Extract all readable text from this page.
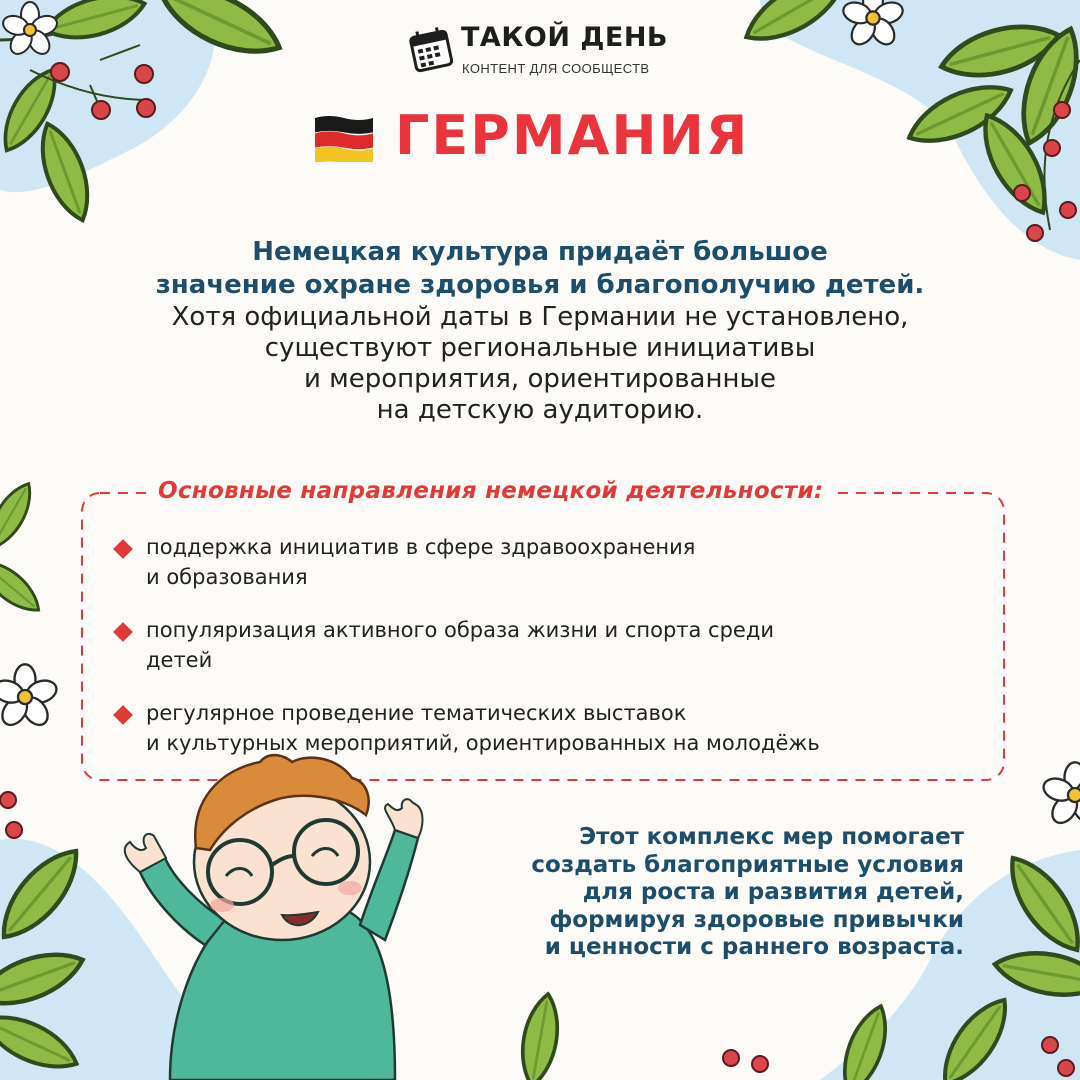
ТАКОЙ ДЕНЬ
КОНТЕНТ ДЛЯ СООБЩЕСТВ
ГЕРМАНИЯ
Немецкая культура придаёт большое
значение охране здоровья и благополучию детей.
Хотя официальной даты в Германии не установлено,
существуют региональные инициативы
и мероприятия, ориентированные
на детскую аудиторию.
Основные направления немецкой деятельности:
поддержка инициатив в сфере здравоохранения
и образования
популяризация активного образа жизни и спорта среди
детей
регулярное проведение тематических выставок
и культурных мероприятий, ориентированных на молодёжь
Этот комплекс мер помогает
создать благоприятные условия
для роста и развития детей,
формируя здоровые привычки
и ценности с раннего возраста.
